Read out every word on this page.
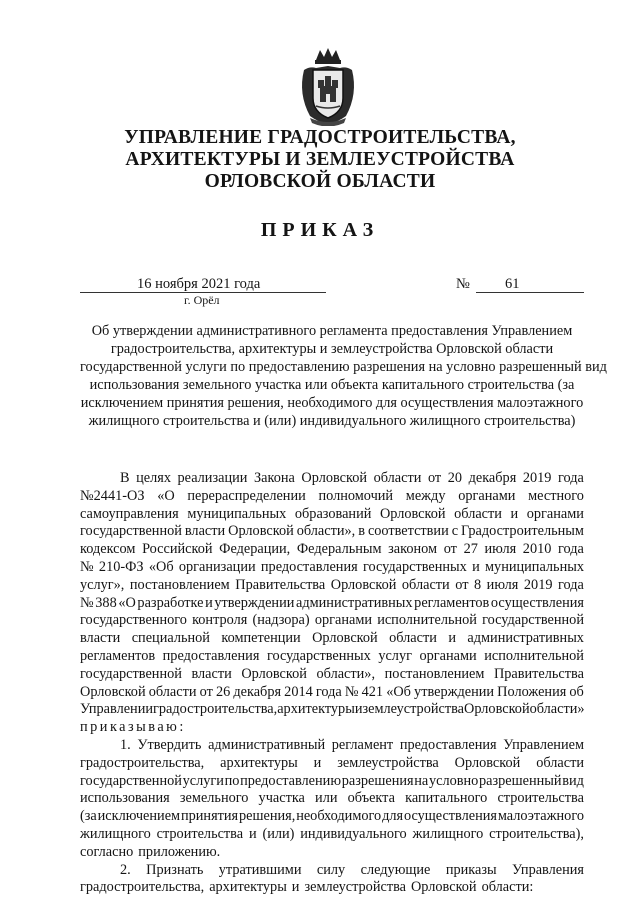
УПРАВЛЕНИЕ ГРАДОСТРОИТЕЛЬСТВА,
АРХИТЕКТУРЫ И ЗЕМЛЕУСТРОЙСТВА
ОРЛОВСКОЙ ОБЛАСТИ
ПРИКАЗ
16 ноября 2021 года
г. Орёл
№ 61
Об утверждении административного регламента предоставления Управлением
градостроительства, архитектуры и землеустройства Орловской области
государственной услуги по предоставлению разрешения на условно разрешенный вид
использования земельного участка или объекта капитального строительства (за
исключением принятия решения, необходимого для осуществления малоэтажного
жилищного строительства и (или) индивидуального жилищного строительства)
В целях реализации Закона Орловской области от 20 декабря 2019 года
№2441-ОЗ «О перераспределении полномочий между органами местного
самоуправления муниципальных образований Орловской области и органами
государственной власти Орловской области», в соответствии с Градостроительным
кодексом Российской Федерации, Федеральным законом от 27 июля 2010 года
№ 210-ФЗ «Об организации предоставления государственных и муниципальных
услуг», постановлением Правительства Орловской области от 8 июля 2019 года
№ 388 «О разработке и утверждении административных регламентов осуществления
государственного контроля (надзора) органами исполнительной государственной
власти специальной компетенции Орловской области и административных
регламентов предоставления государственных услуг органами исполнительной
государственной власти Орловской области», постановлением Правительства
Орловской области от 26 декабря 2014 года № 421 «Об утверждении Положения об
Управлении градостроительства, архитектуры и землеустройства Орловской области»
приказываю:
1. Утвердить административный регламент предоставления Управлением
градостроительства, архитектуры и землеустройства Орловской области
государственной услуги по предоставлению разрешения на условно разрешенный вид
использования земельного участка или объекта капитального строительства
(за исключением принятия решения, необходимого для осуществления малоэтажного
жилищного строительства и (или) индивидуального жилищного строительства),
согласно приложению.
2. Признать утратившими силу следующие приказы Управления
градостроительства, архитектуры и землеустройства Орловской области:
